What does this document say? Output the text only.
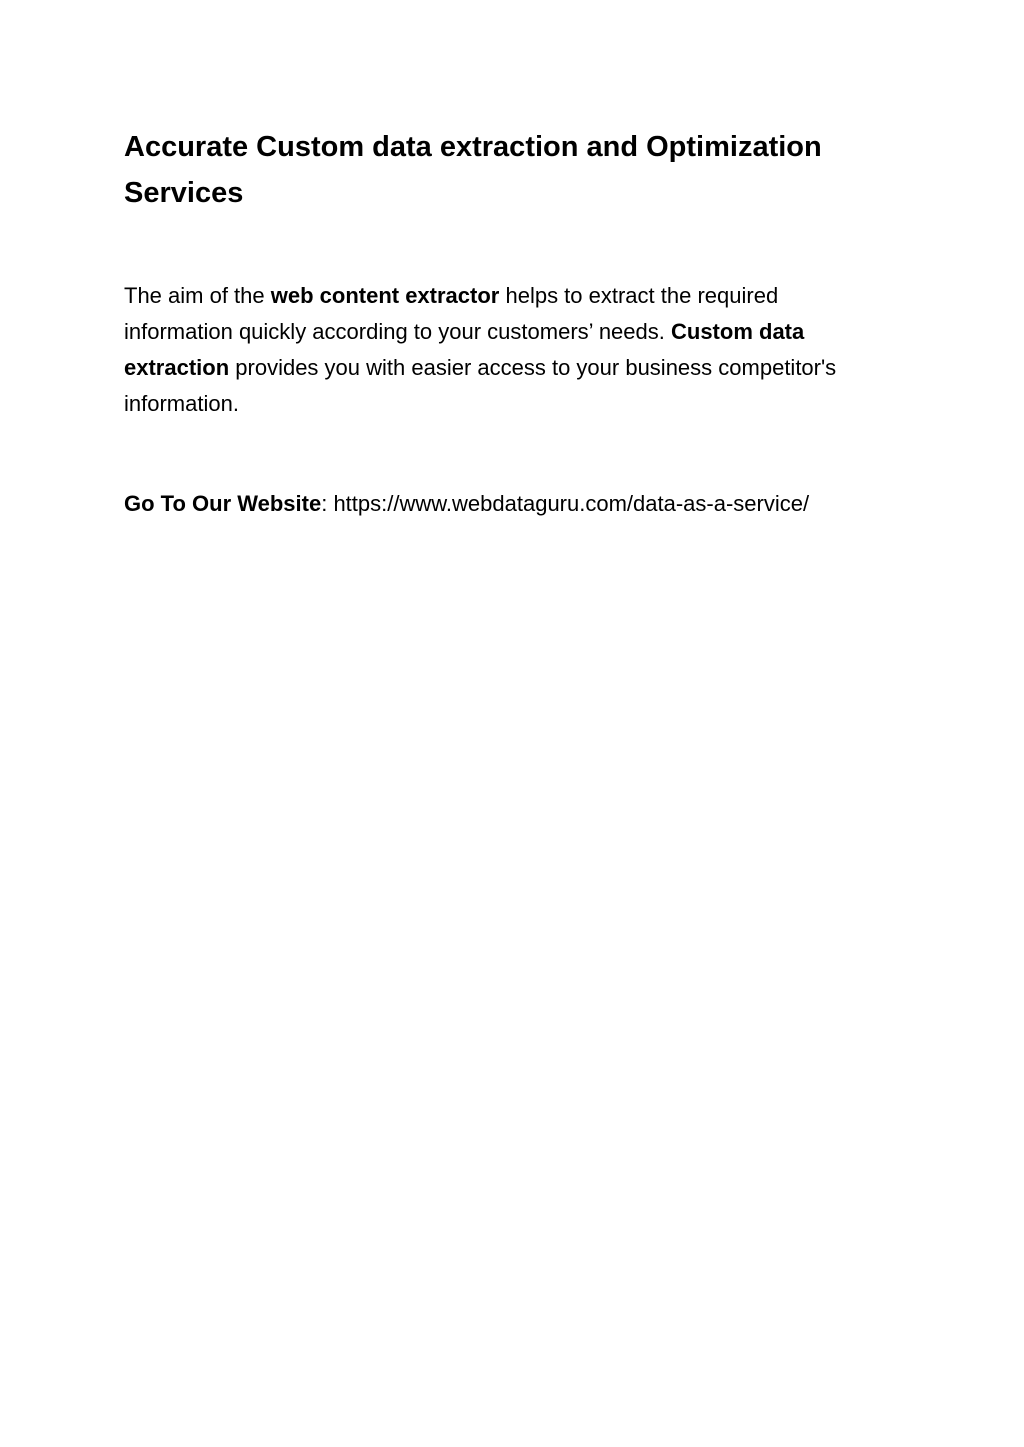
Accurate Custom data extraction and Optimization Services

The aim of the web content extractor helps to extract the required information quickly according to your customers’ needs. Custom data extraction provides you with easier access to your business competitor's information.

Go To Our Website: https://www.webdataguru.com/data-as-a-service/
